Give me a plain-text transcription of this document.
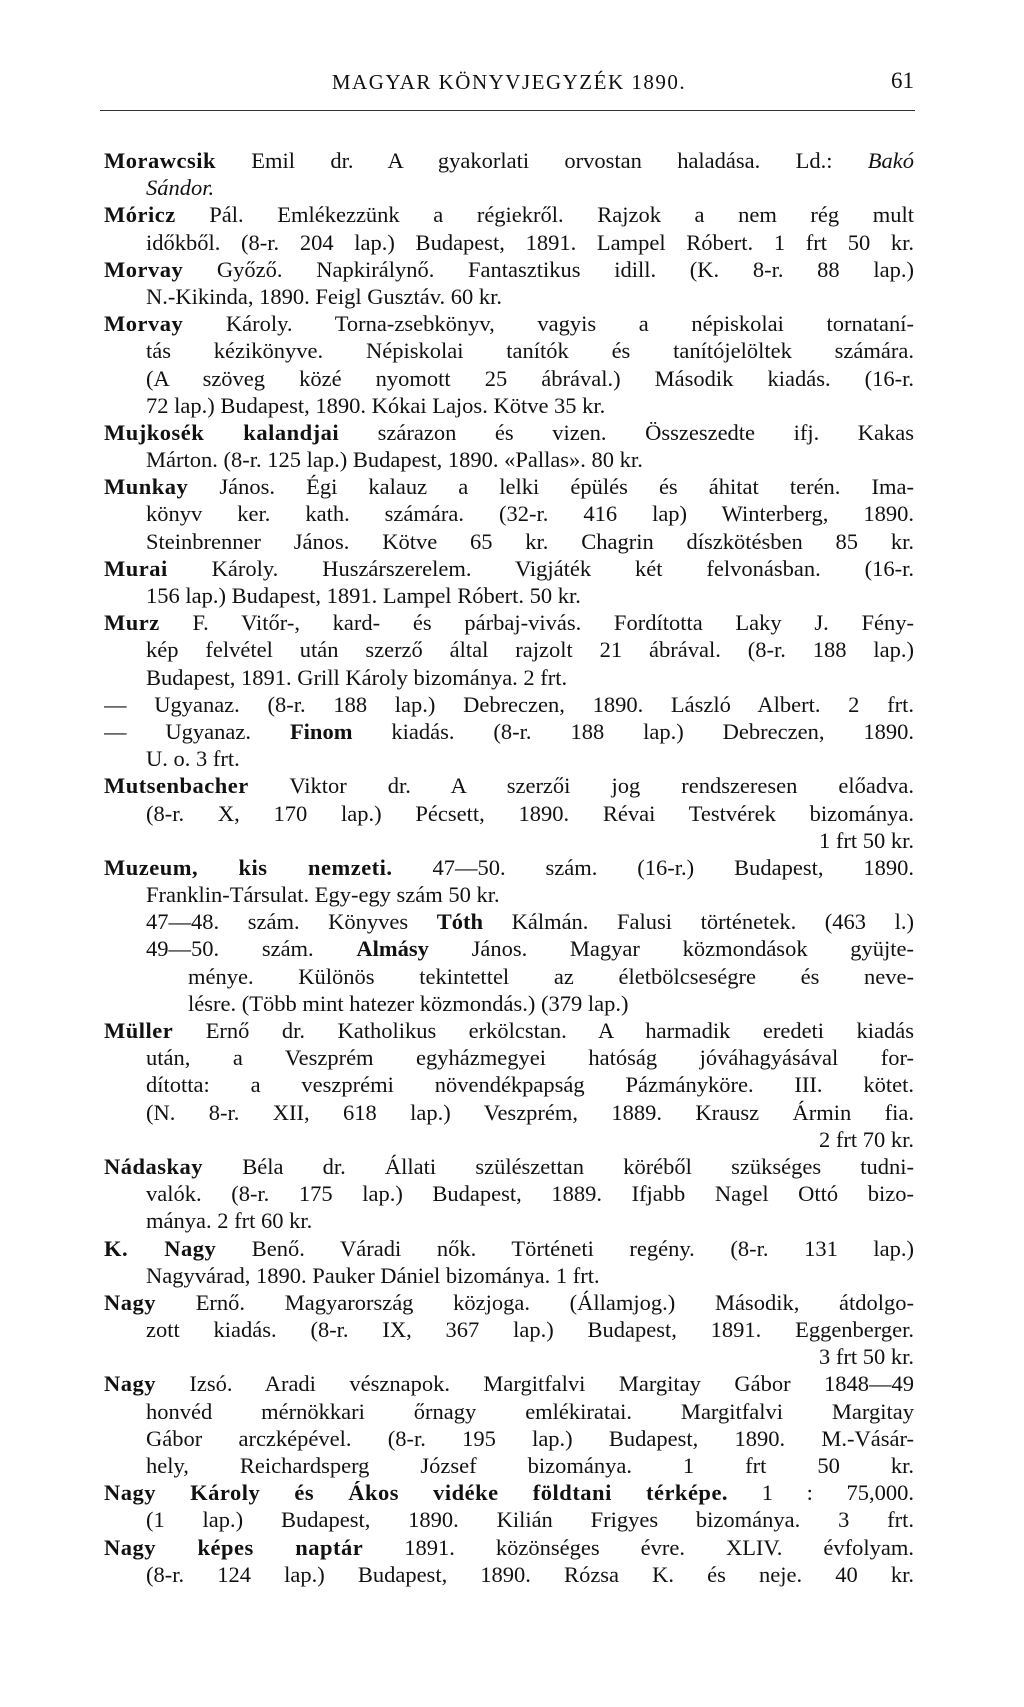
MAGYAR KÖNYVJEGYZÉK 1890.	61
Morawcsik Emil dr. A gyakorlati orvostan haladása. Ld.: Bakó
Sándor.
Móricz Pál. Emlékezzünk a régiekről. Rajzok a nem rég mult
időkből. (8-r. 204 lap.) Budapest, 1891. Lampel Róbert. 1 frt 50 kr.
Morvay Győző. Napkirálynő. Fantasztikus idill. (K. 8-r. 88 lap.)
N.-Kikinda, 1890. Feigl Gusztáv. 60 kr.
Morvay Károly. Torna-zsebkönyv, vagyis a népiskolai tornataní-
tás kézikönyve. Népiskolai tanítók és tanítójelöltek számára.
(A szöveg közé nyomott 25 ábrával.) Második kiadás. (16-r.
72 lap.) Budapest, 1890. Kókai Lajos. Kötve 35 kr.
Mujkosék kalandjai szárazon és vizen. Összeszedte ifj. Kakas
Márton. (8-r. 125 lap.) Budapest, 1890. «Pallas». 80 kr.
Munkay János. Égi kalauz a lelki épülés és áhitat terén. Ima-
könyv ker. kath. számára. (32-r. 416 lap) Winterberg, 1890.
Steinbrenner János. Kötve 65 kr. Chagrin díszkötésben 85 kr.
Murai Károly. Huszárszerelem. Vigjáték két felvonásban. (16-r.
156 lap.) Budapest, 1891. Lampel Róbert. 50 kr.
Murz F. Vitőr-, kard- és párbaj-vivás. Fordította Laky J. Fény-
kép felvétel után szerző által rajzolt 21 ábrával. (8-r. 188 lap.)
Budapest, 1891. Grill Károly bizománya. 2 frt.
— Ugyanaz. (8-r. 188 lap.) Debreczen, 1890. László Albert. 2 frt.
— Ugyanaz. Finom kiadás. (8-r. 188 lap.) Debreczen, 1890.
U. o. 3 frt.
Mutsenbacher Viktor dr. A szerzői jog rendszeresen előadva.
(8-r. X, 170 lap.) Pécsett, 1890. Révai Testvérek bizománya.
1 frt 50 kr.
Muzeum, kis nemzeti. 47—50. szám. (16-r.) Budapest, 1890.
Franklin-Társulat. Egy-egy szám 50 kr.
47—48. szám. Könyves Tóth Kálmán. Falusi történetek. (463 l.)
49—50. szám. Almásy János. Magyar közmondások gyüjte-
ménye. Különös tekintettel az életbölcseségre és neve-
lésre. (Több mint hatezer közmondás.) (379 lap.)
Müller Ernő dr. Katholikus erkölcstan. A harmadik eredeti kiadás
után, a Veszprém egyházmegyei hatóság jóváhagyásával for-
dította: a veszprémi növendékpapság Pázmányköre. III. kötet.
(N. 8-r. XII, 618 lap.) Veszprém, 1889. Krausz Ármin fia.
2 frt 70 kr.
Nádaskay Béla dr. Állati szülészettan köréből szükséges tudni-
valók. (8-r. 175 lap.) Budapest, 1889. Ifjabb Nagel Ottó bizo-
mánya. 2 frt 60 kr.
K. Nagy Benő. Váradi nők. Történeti regény. (8-r. 131 lap.)
Nagyvárad, 1890. Pauker Dániel bizománya. 1 frt.
Nagy Ernő. Magyarország közjoga. (Államjog.) Második, átdolgo-
zott kiadás. (8-r. IX, 367 lap.) Budapest, 1891. Eggenberger.
3 frt 50 kr.
Nagy Izsó. Aradi vésznapok. Margitfalvi Margitay Gábor 1848—49
honvéd mérnökkari őrnagy emlékiratai. Margitfalvi Margitay
Gábor arczképével. (8-r. 195 lap.) Budapest, 1890. M.-Vásár-
hely, Reichardsperg József bizománya. 1 frt 50 kr.
Nagy Károly és Ákos vidéke földtani térképe. 1 : 75,000.
(1 lap.) Budapest, 1890. Kilián Frigyes bizománya. 3 frt.
Nagy képes naptár 1891. közönséges évre. XLIV. évfolyam.
(8-r. 124 lap.) Budapest, 1890. Rózsa K. és neje. 40 kr.
